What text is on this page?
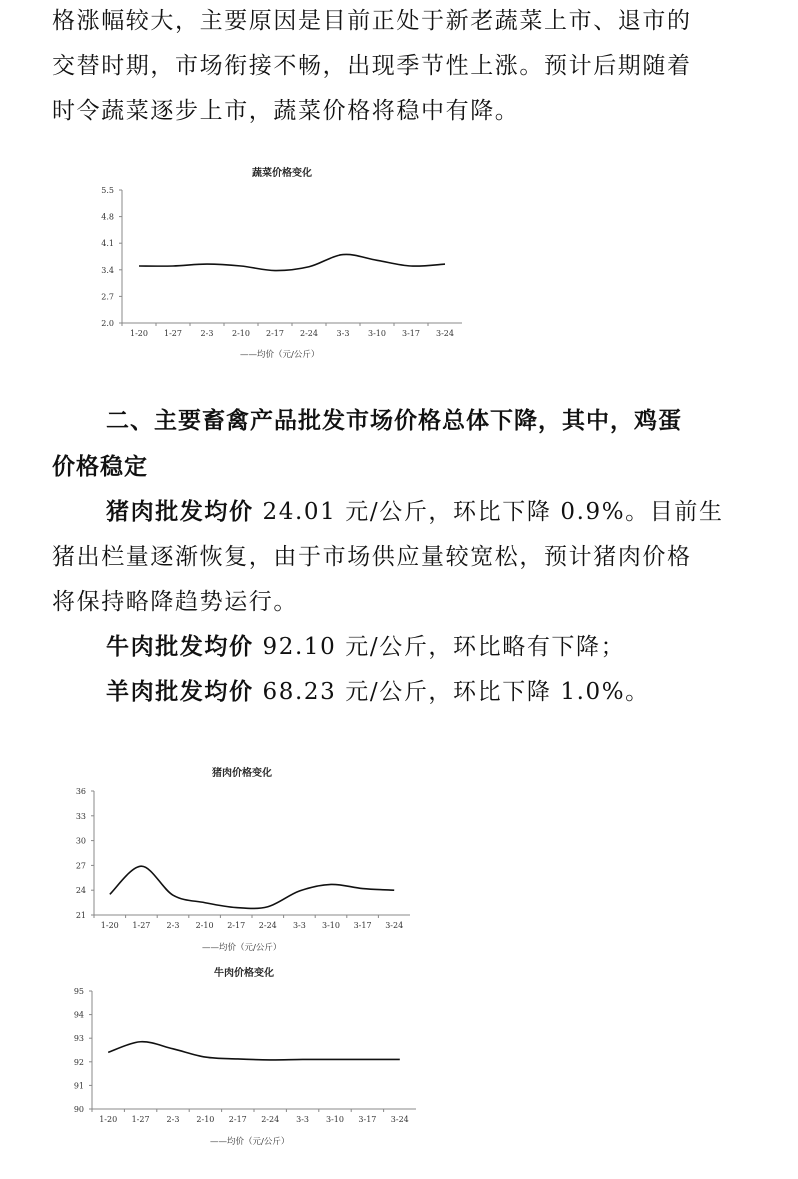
格涨幅较大，主要原因是目前正处于新老蔬菜上市、退市的
交替时期，市场衔接不畅，出现季节性上涨。预计后期随着
时令蔬菜逐步上市，蔬菜价格将稳中有降。
蔬菜价格变化
2.0
2.7
3.4
4.1
4.8
5.5
1-20 1-27 2-3 2-10 2-17 2-24 3-3 3-10 3-17 3-24
——均价（元/公斤）
二、主要畜禽产品批发市场价格总体下降，其中，鸡蛋
价格稳定
猪肉批发均价 24.01 元/公斤，环比下降 0.9%。目前生
猪出栏量逐渐恢复，由于市场供应量较宽松，预计猪肉价格
将保持略降趋势运行。
牛肉批发均价 92.10 元/公斤，环比略有下降；
羊肉批发均价 68.23 元/公斤，环比下降 1.0%。
猪肉价格变化
21
24
27
30
33
36
1-20 1-27 2-3 2-10 2-17 2-24 3-3 3-10 3-17 3-24
——均价（元/公斤）
牛肉价格变化
90
91
92
93
94
95
1-20 1-27 2-3 2-10 2-17 2-24 3-3 3-10 3-17 3-24
——均价（元/公斤）
